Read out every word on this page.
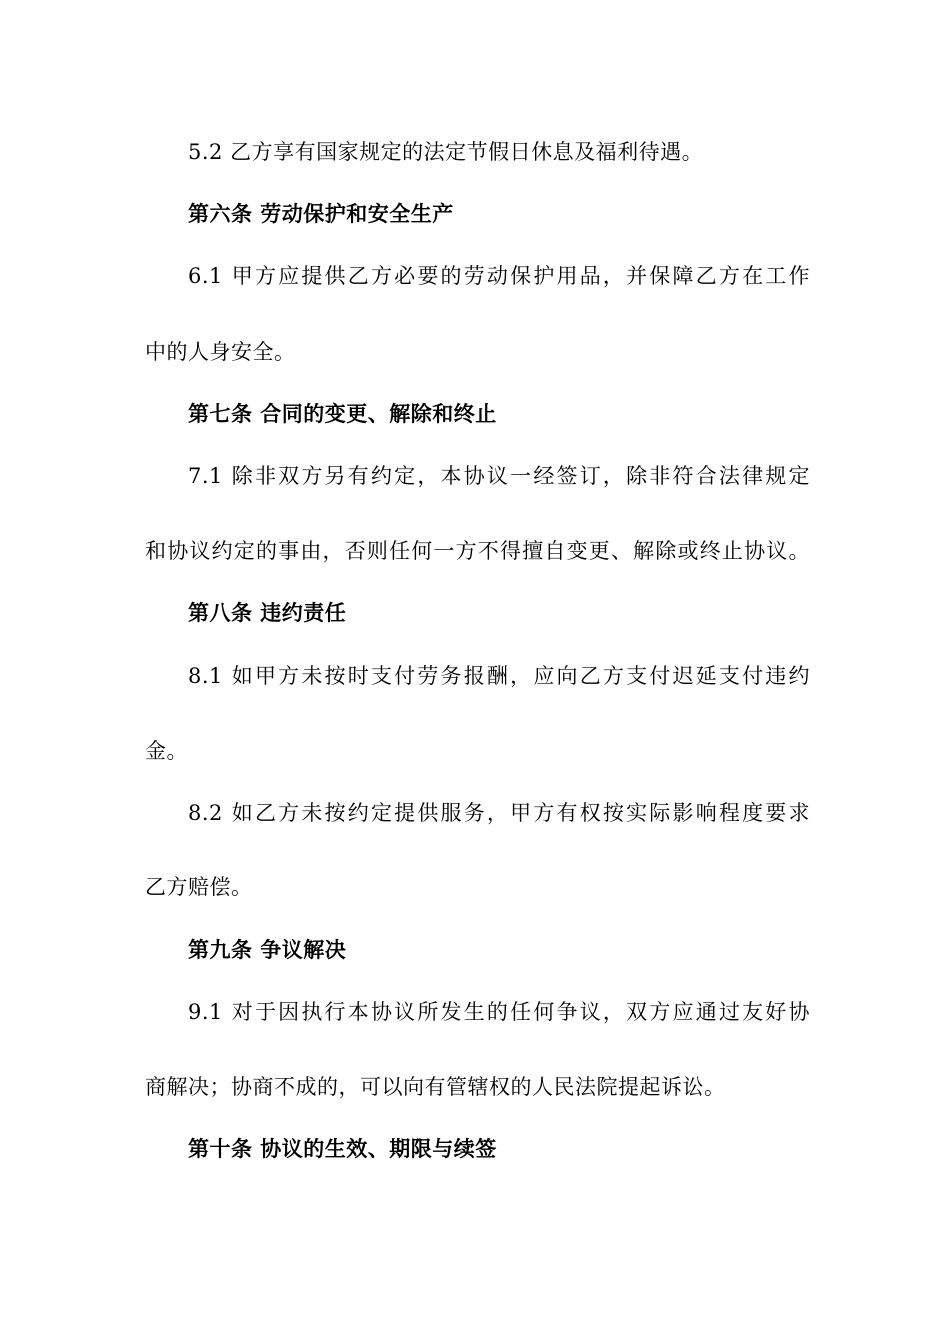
5.2 乙方享有国家规定的法定节假日休息及福利待遇。
第六条 劳动保护和安全生产
6.1 甲方应提供乙方必要的劳动保护用品，并保障乙方在工作
中的人身安全。
第七条 合同的变更、解除和终止
7.1 除非双方另有约定，本协议一经签订，除非符合法律规定
和协议约定的事由，否则任何一方不得擅自变更、解除或终止协议。
第八条 违约责任
8.1 如甲方未按时支付劳务报酬，应向乙方支付迟延支付违约
金。
8.2 如乙方未按约定提供服务，甲方有权按实际影响程度要求
乙方赔偿。
第九条 争议解决
9.1 对于因执行本协议所发生的任何争议，双方应通过友好协
商解决；协商不成的，可以向有管辖权的人民法院提起诉讼。
第十条 协议的生效、期限与续签
